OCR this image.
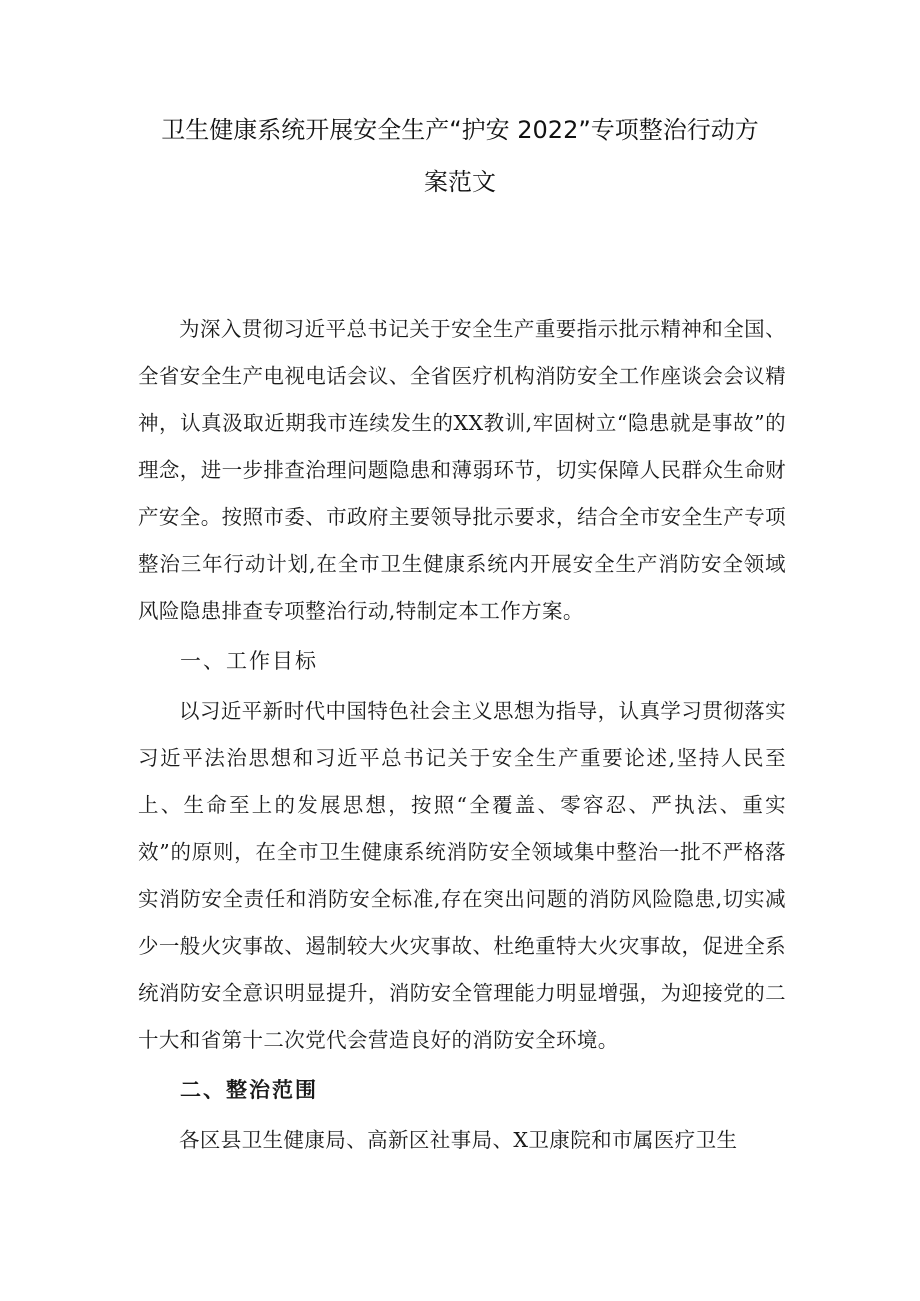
卫生健康系统开展安全生产“护安 2022”专项整治行动方
案范文

为深入贯彻习近平总书记关于安全生产重要指示批示精神和全国、全省安全生产电视电话会议、全省医疗机构消防安全工作座谈会会议精神，认真汲取近期我市连续发生的XX教训,牢固树立“隐患就是事故”的理念，进一步排查治理问题隐患和薄弱环节，切实保障人民群众生命财产安全。按照市委、市政府主要领导批示要求，结合全市安全生产专项整治三年行动计划,在全市卫生健康系统内开展安全生产消防安全领域风险隐患排查专项整治行动,特制定本工作方案。

一、工作目标

以习近平新时代中国特色社会主义思想为指导，认真学习贯彻落实习近平法治思想和习近平总书记关于安全生产重要论述,坚持人民至上、生命至上的发展思想，按照“全覆盖、零容忍、严执法、重实效”的原则，在全市卫生健康系统消防安全领域集中整治一批不严格落实消防安全责任和消防安全标准,存在突出问题的消防风险隐患,切实减少一般火灾事故、遏制较大火灾事故、杜绝重特大火灾事故，促进全系统消防安全意识明显提升，消防安全管理能力明显增强，为迎接党的二十大和省第十二次党代会营造良好的消防安全环境。

二、整治范围

各区县卫生健康局、高新区社事局、X卫康院和市属医疗卫生
